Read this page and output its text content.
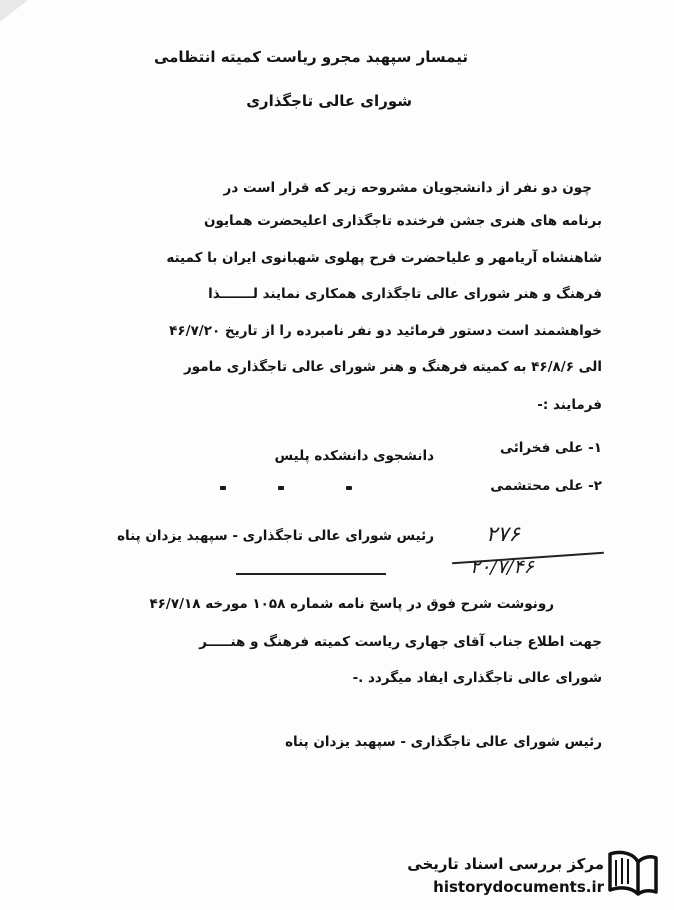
تیمسار سپهبد مجرو ریاست کمیته انتظامی
شورای عالی تاجگذاری
چون دو نفر از دانشجویان مشروحه زیر که قرار است در
برنامه های هنری جشن فرخنده تاجگذاری اعلیحضرت همایون
شاهنشاه آریامهر و علیاحضرت فرح پهلوی شهبانوی ایران با کمیته
فرهنگ و هنر شورای عالی تاجگذاری همکاری نمایند لـــــــذا
خواهشمند است دستور فرمائید دو نفر نامبرده را از تاریخ ۴۶/۷/۲۰
الی ۴۶/۸/۶ به کمیته فرهنگ و هنر شورای عالی تاجگذاری مامور
فرمایند :-
۱- علی فخرائی
دانشجوی دانشکده پلیس
۲- علی محتشمی
رئیس شورای عالی تاجگذاری - سپهبد یزدان پناه ۲۷۶
۲۰/۷/۴۶
رونوشت شرح فوق در پاسخ نامه شماره ۱۰۵۸ مورخه ۴۶/۷/۱۸
جهت اطلاع جناب آقای جهاری ریاست کمیته فرهنگ و هنـــــر
شورای عالی تاجگذاری ایفاد میگردد .-
رئیس شورای عالی تاجگذاری - سپهبد یزدان پناه
مرکز بررسی اسناد تاریخی
historydocuments.ir
